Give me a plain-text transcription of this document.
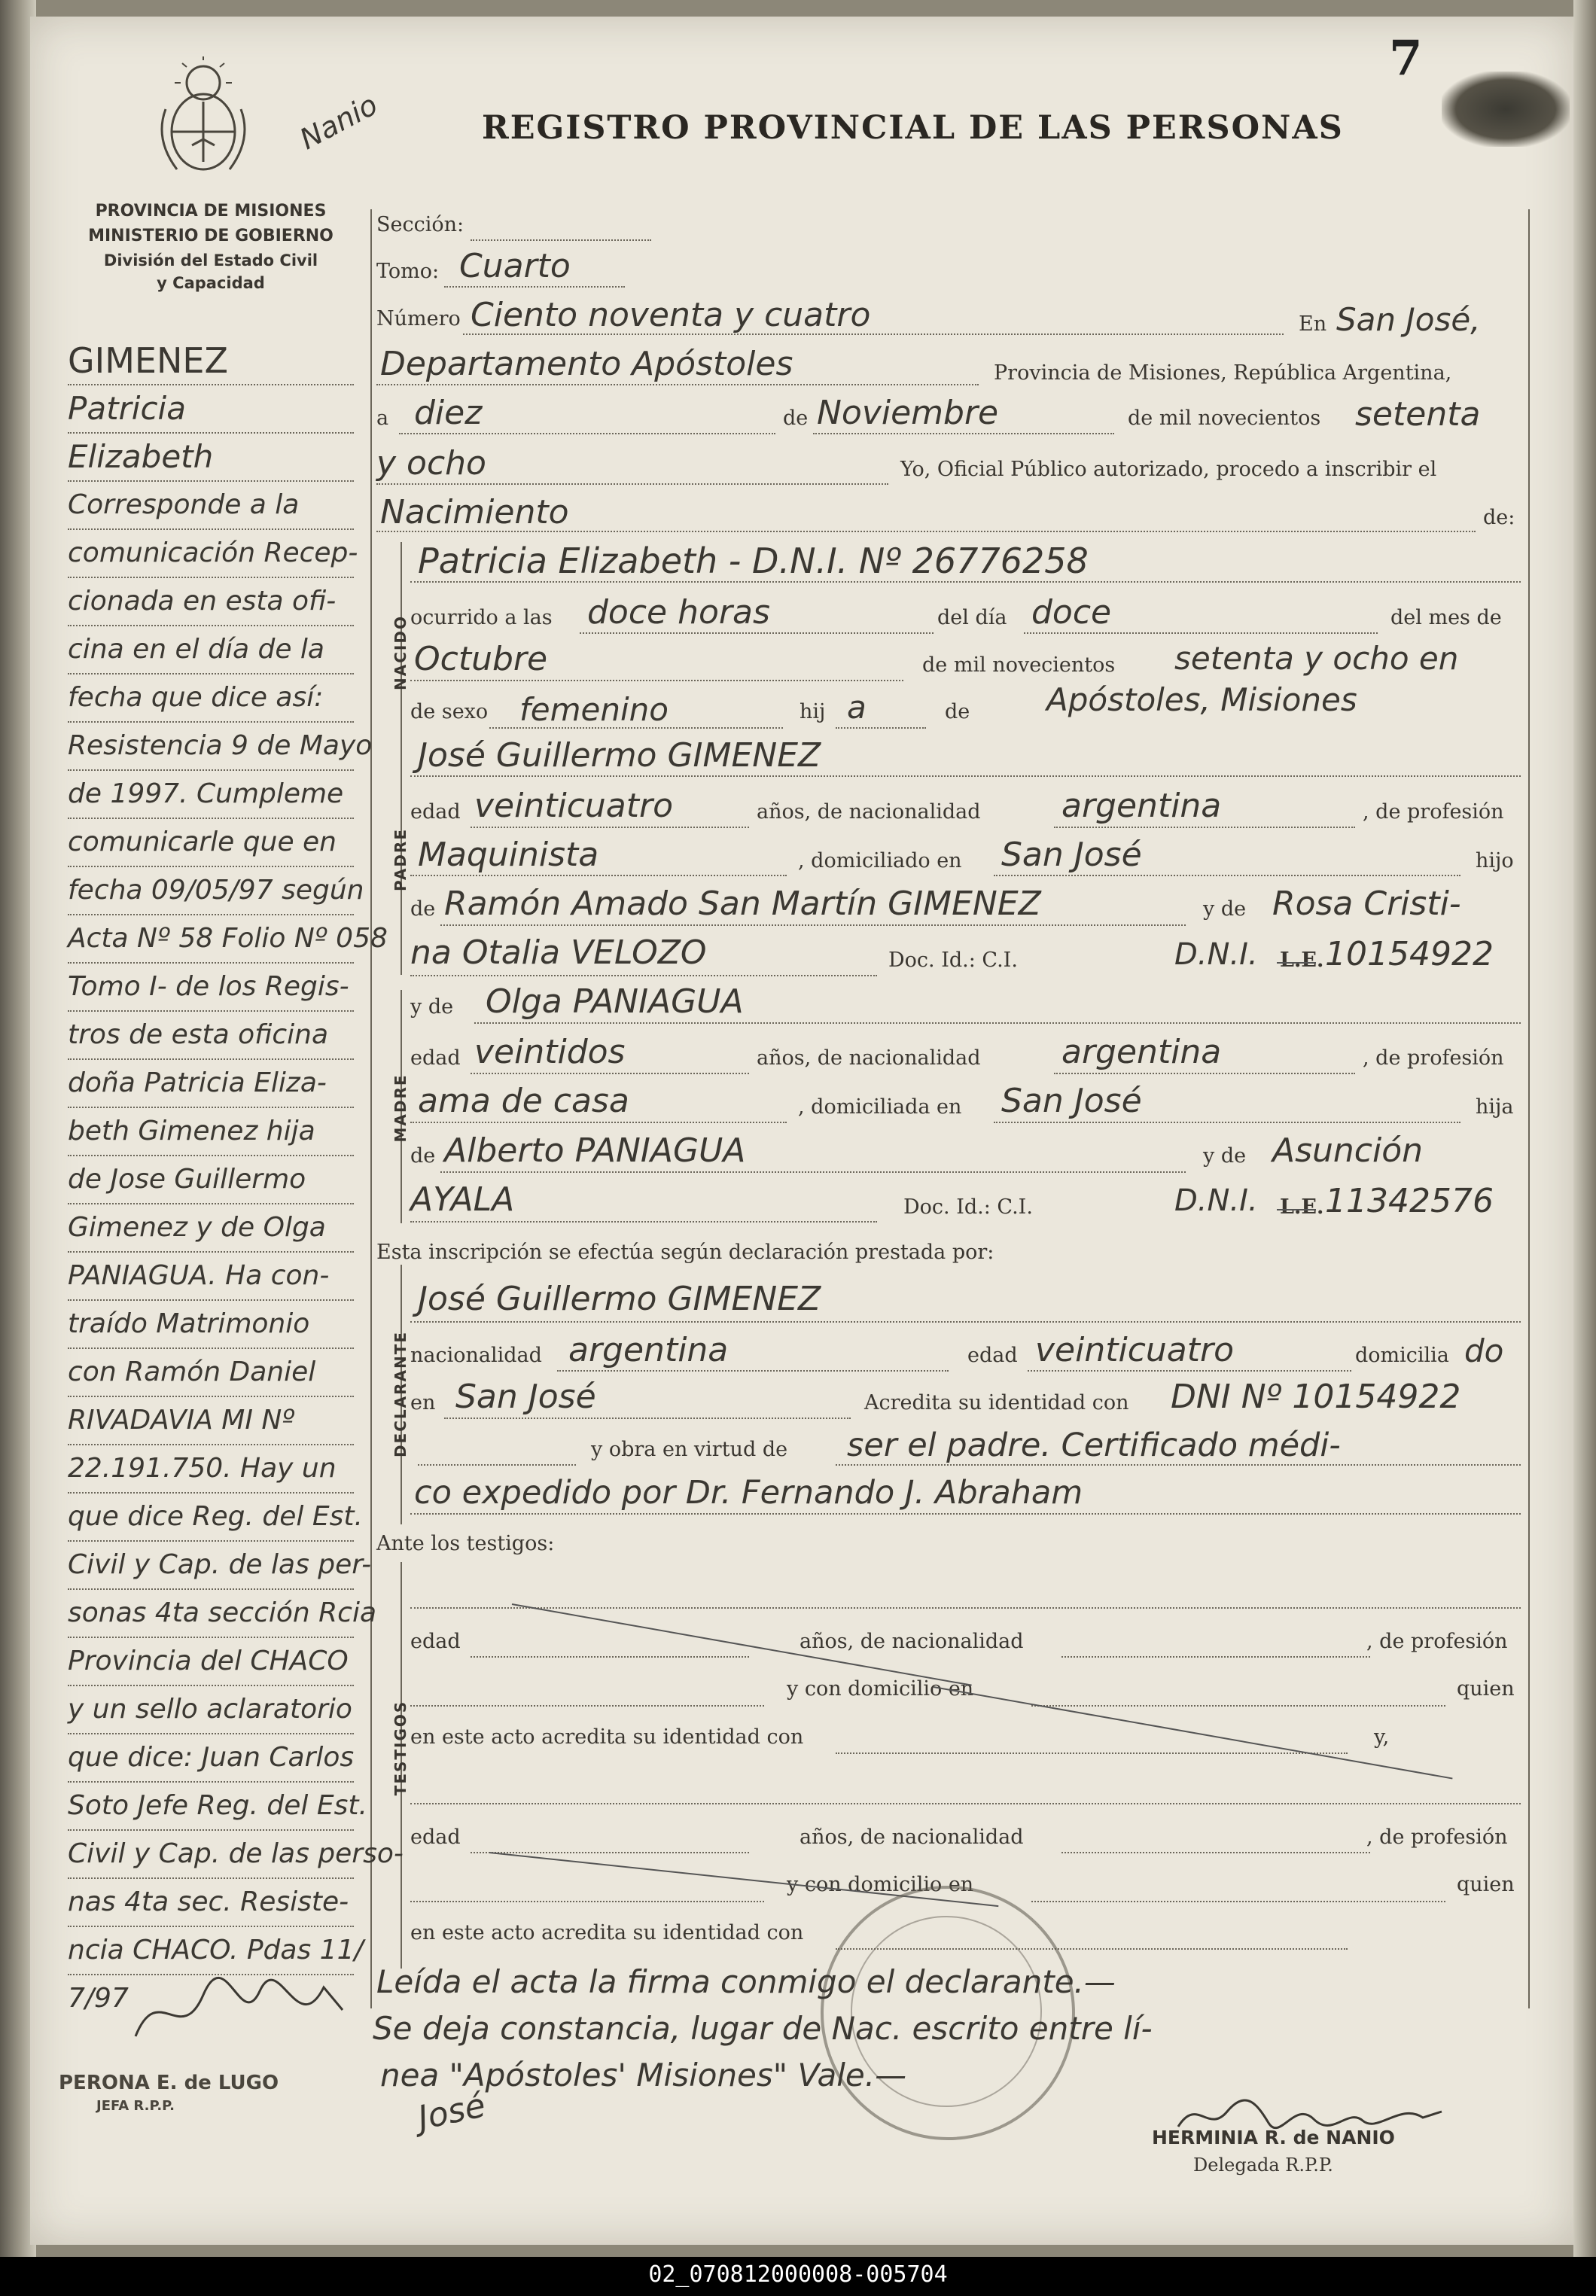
7
Nanio	REGISTRO PROVINCIAL DE LAS PERSONAS
PROVINCIA DE MISIONES
MINISTERIO DE GOBIERNO
División del Estado Civil
y Capacidad
Sección:
Tomo: Cuarto
Número Ciento noventa y cuatro	En San José,
Departamento Apóstoles	Provincia de Misiones, República Argentina,
a diez	de Noviembre	de mil novecientos setenta
y ocho	Yo, Oficial Público autorizado, procedo a inscribir el
Nacimiento	de:
NACIDO
Patricia Elizabeth - D.N.I. Nº 26776258
ocurrido a las doce horas	del día doce	del mes de
Octubre	de mil novecientos setenta y ocho en
Apóstoles, Misiones
de sexo femenino	hij a	de
PADRE
José Guillermo GIMENEZ
edad veinticuatro	años, de nacionalidad argentina	, de profesión
Maquinista	, domiciliado en San José	hijo
de Ramón Amado San Martín GIMENEZ	y de Rosa Cristi-
na Otalia VELOZO	Doc. Id.: C.I.	D.N.I. L.E. 10154922
MADRE
y de Olga PANIAGUA
edad veintidos	años, de nacionalidad argentina	, de profesión
ama de casa	, domiciliada en San José	hija
de Alberto PANIAGUA	y de Asunción
AYALA	Doc. Id.: C.I.	D.N.I. L.E. 11342576
Esta inscripción se efectúa según declaración prestada por:
DECLARANTE
José Guillermo GIMENEZ
nacionalidad argentina	edad veinticuatro	domicilia do
en San José	Acredita su identidad con DNI Nº 10154922
y obra en virtud de ser el padre. Certificado médi-
co expedido por Dr. Fernando J. Abraham
Ante los testigos:
TESTIGOS
edad	años, de nacionalidad	, de profesión
y con domicilio en	quien
en este acto acredita su identidad con	y,
edad	años, de nacionalidad	, de profesión
y con domicilio en	quien
en este acto acredita su identidad con
Leída el acta la firma conmigo el declarante.—
Se deja constancia, lugar de Nac. escrito entre lí-
nea "Apóstoles' Misiones" Vale.—
José	HERMINIA R. de NANIO
Delegada R.P.P.
GIMENEZ
Patricia
Elizabeth
Corresponde a la
comunicación Recep-
cionada en esta ofi-
cina en el día de la
fecha que dice así:
Resistencia 9 de Mayo
de 1997. Cumpleme
comunicarle que en
fecha 09/05/97 según
Acta Nº 58 Folio Nº 058
Tomo I- de los Regis-
tros de esta oficina
doña Patricia Eliza-
beth Gimenez hija
de Jose Guillermo
Gimenez y de Olga
PANIAGUA. Ha con-
traído Matrimonio
con Ramón Daniel
RIVADAVIA MI Nº
22.191.750. Hay un
que dice Reg. del Est.
Civil y Cap. de las per-
sonas 4ta sección Rcia
Provincia del CHACO
y un sello aclaratorio
que dice: Juan Carlos
Soto Jefe Reg. del Est.
Civil y Cap. de las perso-
nas 4ta sec. Resiste-
ncia CHACO. Pdas 11/
7/97
PERONA E. de LUGO
JEFA R.P.P.
02_070812000008-005704
